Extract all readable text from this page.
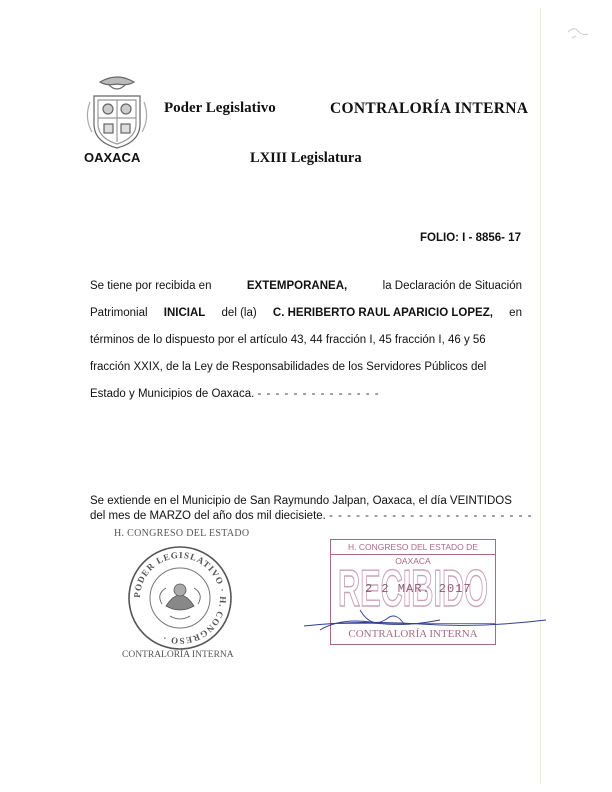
Poder Legislativo	CONTRALORÍA INTERNA
OAXACA	LXIII Legislatura
FOLIO: I - 8856- 17
Se tiene por recibida en	EXTEMPORANEA,	la Declaración de Situación
Patrimonial INICIAL del (la) C. HERIBERTO RAUL APARICIO LOPEZ, en
términos de lo dispuesto por el artículo 43, 44 fracción I, 45 fracción I, 46 y 56
fracción XXIX, de la Ley de Responsabilidades de los Servidores Públicos del
Estado y Municipios de Oaxaca. - - - - - - - - - - - - - -
Se extiende en el Municipio de San Raymundo Jalpan, Oaxaca, el día VEINTIDOS
del mes de MARZO del año dos mil diecisiete. - - - - - - - - - - - - - - - - - - - - - - -
H. CONGRESO DEL ESTADO
PODER LEGISLATIVO · H. CONGRESO ·
CONTRALORÍA INTERNA
H. CONGRESO DEL ESTADO DE OAXACA
RECIBIDO
2 2 MAR. 2017
CONTRALORÍA INTERNA
